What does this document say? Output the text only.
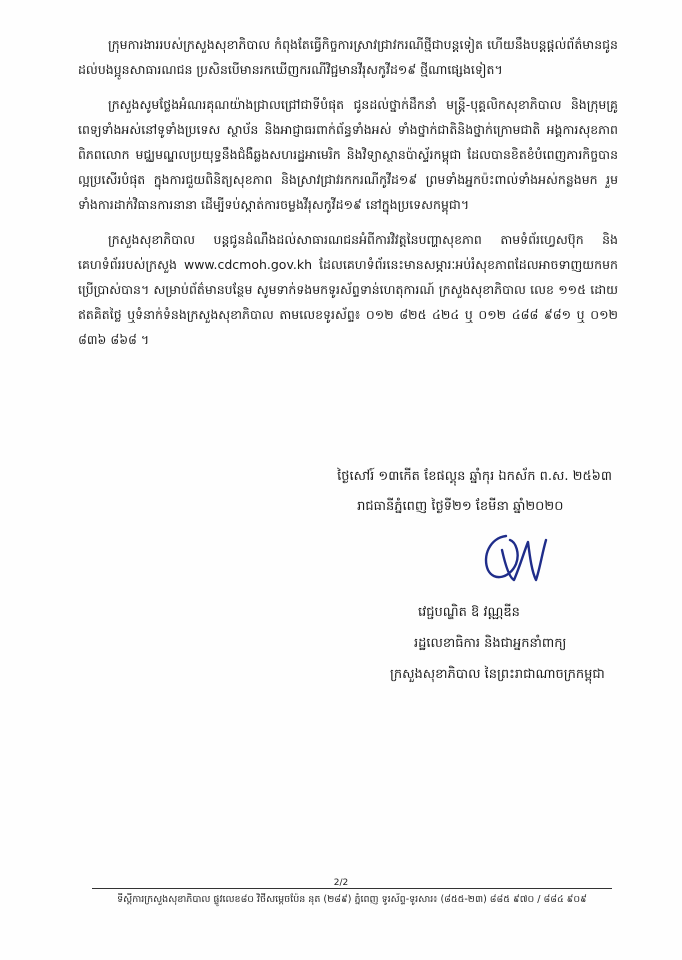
ក្រុមការងាររបស់ក្រសួងសុខាភិបាល កំពុងតែធ្វើកិច្ចការស្រាវជ្រាវករណីថ្មីជាបន្តទៀត ហើយនឹងបន្តផ្តល់ព័ត៌មានជូនដល់បងប្អូនសាធារណជន ប្រសិនបើមានរកឃើញករណីវិជ្ជមានវីរុសកូវីដ១៩ ថ្មីណាផ្សេងទៀត។

ក្រសួងសូមថ្លែងអំណរគុណយ៉ាងជ្រាលជ្រៅជាទីបំផុត ជូនដល់ថ្នាក់ដឹកនាំ មន្ត្រី-បុគ្គលិកសុខាភិបាល និងក្រុមគ្រូពេទ្យទាំងអស់នៅទូទាំងប្រទេស ស្ថាប័ន និងអាជ្ញាធរពាក់ព័ន្ធទាំងអស់ ទាំងថ្នាក់ជាតិនិងថ្នាក់ក្រោមជាតិ អង្គការសុខភាពពិភពលោក មជ្ឈមណ្ឌលប្រយុទ្ធនឹងជំងឺឆ្លងសហរដ្ឋអាមេរិក និងវិទ្យាស្ថានប៉ាស្ទ័រកម្ពុជា ដែលបានខិតខំបំពេញភារកិច្ចបានល្អប្រសើរបំផុត ក្នុងការជួយពិនិត្យសុខភាព និងស្រាវជ្រាវរកករណីកូវីដ១៩ ព្រមទាំងអ្នកប៉ះពាល់ទាំងអស់កន្លងមក រួមទាំងការដាក់វិធានការនានា ដើម្បីទប់ស្កាត់ការចម្លងវីរុសកូវីដ១៩ នៅក្នុងប្រទេសកម្ពុជា។

ក្រសួងសុខាភិបាល បន្តជូនដំណឹងដល់សាធារណជនអំពីការវិវត្តនៃបញ្ហាសុខភាព តាមទំព័រហ្វេសប៊ុក និងគេហទំព័ររបស់ក្រសួង www.cdcmoh.gov.kh ដែលគេហទំព័រនេះមានសម្ភារៈអប់រំសុខភាពដែលអាចទាញយកមកប្រើប្រាស់បាន។ សម្រាប់ព័ត៌មានបន្ថែម សូមទាក់ទងមកទូរស័ព្ទទាន់ហេតុការណ៍ ក្រសួងសុខាភិបាល លេខ ១១៥ ដោយឥតគិតថ្លៃ ឬទំនាក់ទំនងក្រសួងសុខាភិបាល តាមលេខទូរស័ព្ទ៖ ០១២ ៨២៥ ៤២៤ ឬ ០១២ ៤៨៨ ៩៨១ ឬ ០១២ ៨៣៦ ៨៦៨ ។

ថ្ងៃសៅរ៍ ១៣កើត ខែផល្គុន ឆ្នាំកុរ ឯកស័ក ព.ស. ២៥៦៣
រាជធានីភ្នំពេញ ថ្ងៃទី២១ ខែមីនា ឆ្នាំ២០២០
វេជ្ជបណ្ឌិត ឱ វណ្ណឌីន
រដ្ឋលេខាធិការ និងជាអ្នកនាំពាក្យ
ក្រសួងសុខាភិបាល នៃព្រះរាជាណាចក្រកម្ពុជា
2/2
ទីស្តីការក្រសួងសុខាភិបាល ផ្លូវលេខ៨០ វិថីសម្តេចប៉ែន នុត (២៨៩) ភ្នំពេញ ទូរស័ព្ទ-ទូរសារ៖ (៨៥៥-២៣) ៨៨៥ ៩៧០ / ៨៨៤ ៩០៩
